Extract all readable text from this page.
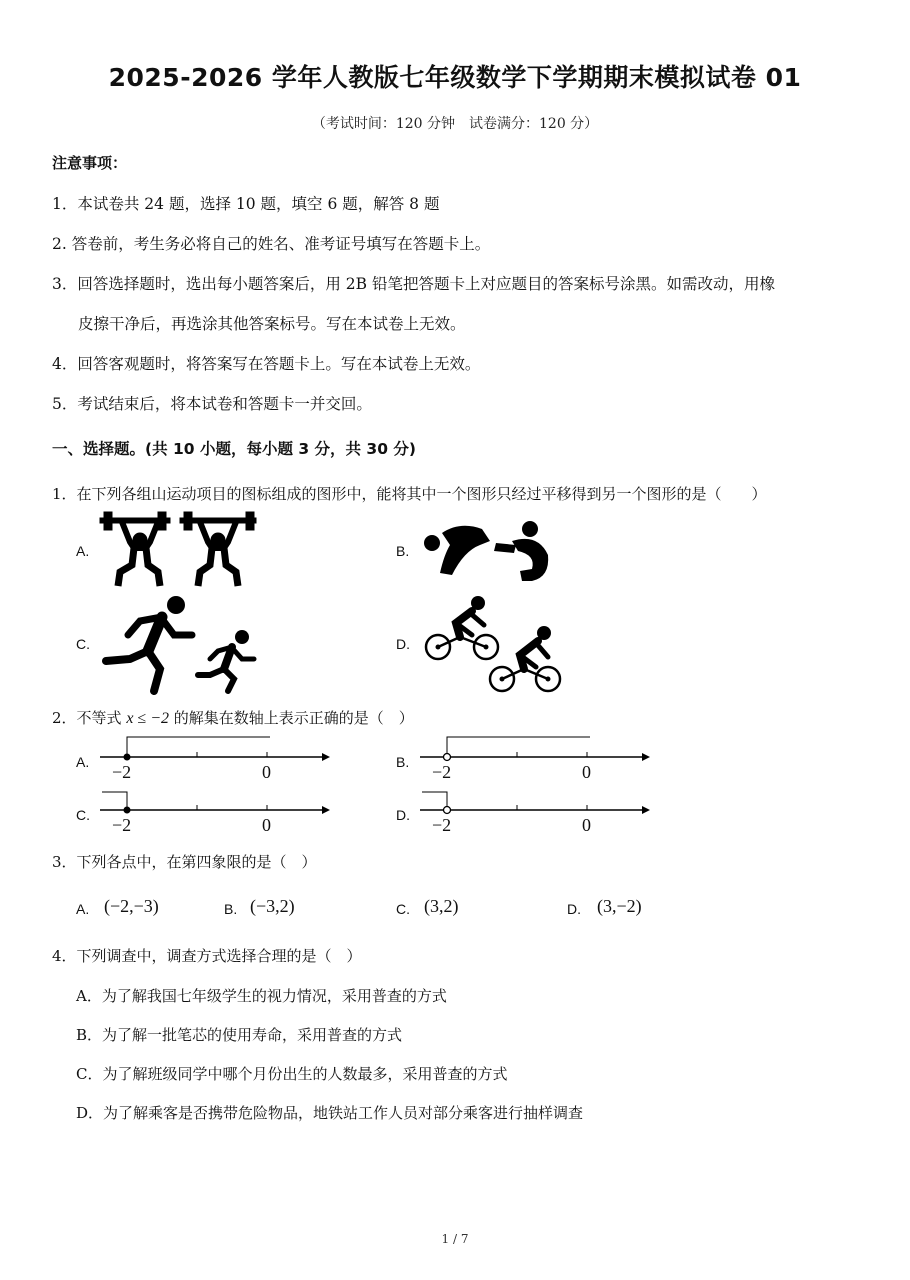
2025-2026 学年人教版七年级数学下学期期末模拟试卷 01
（考试时间：120 分钟　试卷满分：120 分）
注意事项：
1．本试卷共 24 题，选择 10 题，填空 6 题，解答 8 题
2. 答卷前，考生务必将自己的姓名、准考证号填写在答题卡上。
3．回答选择题时，选出每小题答案后，用 2B 铅笔把答题卡上对应题目的答案标号涂黑。如需改动，用橡
皮擦干净后，再选涂其他答案标号。写在本试卷上无效。
4．回答客观题时，将答案写在答题卡上。写在本试卷上无效。
5．考试结束后，将本试卷和答题卡一并交回。
一、选择题。(共 10 小题，每小题 3 分，共 30 分)
1．在下列各组山运动项目的图标组成的图形中，能将其中一个图形只经过平移得到另一个图形的是（　　）
A.	B.
C.	D.
2．不等式 x ≤ −2 的解集在数轴上表示正确的是（　）
A.	B.
C.	D.
−2	0	−2	0
−2	0	−2	0
3．下列各点中，在第四象限的是（　）
A. (−2,−3)	B. (−3,2)	C. (3,2)	D. (3,−2)
4．下列调查中，调查方式选择合理的是（　）
A．为了解我国七年级学生的视力情况，采用普查的方式
B．为了解一批笔芯的使用寿命，采用普查的方式
C．为了解班级同学中哪个月份出生的人数最多，采用普查的方式
D．为了解乘客是否携带危险物品，地铁站工作人员对部分乘客进行抽样调查
1 / 7
